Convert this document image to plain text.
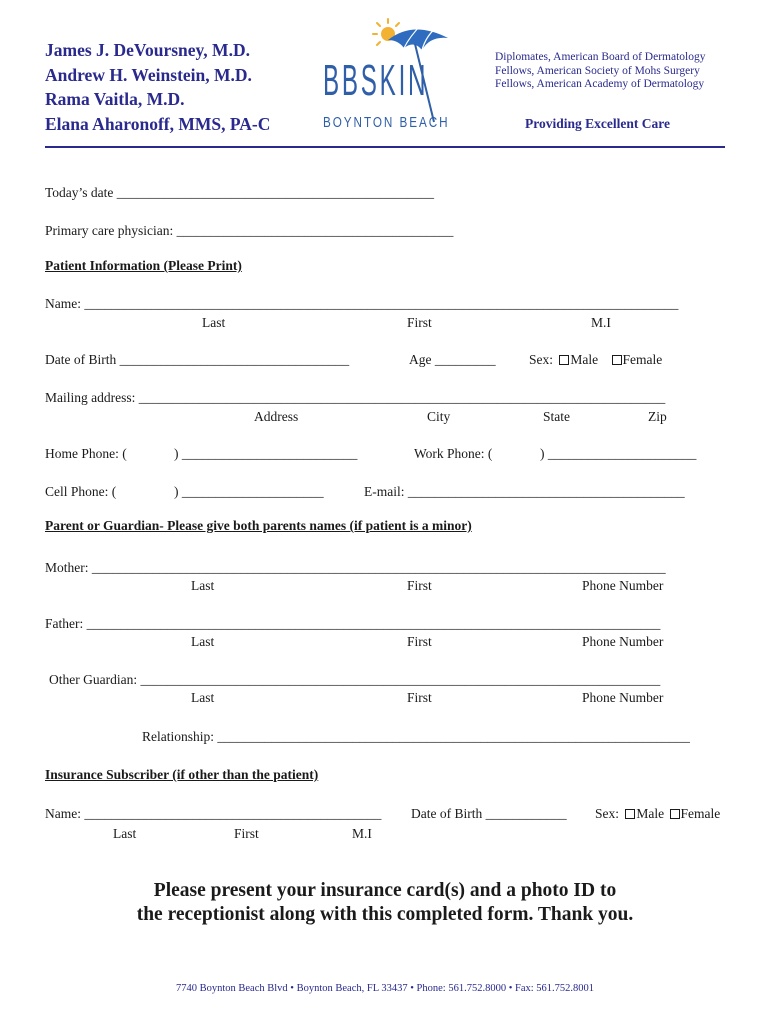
James J. DeVoursney, M.D.
Andrew H. Weinstein, M.D.
Rama Vaitla, M.D.
Elana Aharonoff, MMS, PA-C
BBSKIN
BOYNTON BEACH
Diplomates, American Board of Dermatology
Fellows, American Society of Mohs Surgery
Fellows, American Academy of Dermatology
Providing Excellent Care
Today’s date _______________________________________________
Primary care physician: _________________________________________
Patient Information (Please Print)
Name: ________________________________________________________________________________________
Last	First	M.I
Date of Birth __________________________________	Age _________ Sex: Male Female
Mailing address: ______________________________________________________________________________
Address	City	State	Zip
Home Phone: (	) __________________________	Work Phone: (	) ______________________
Cell Phone: (	) _____________________	E-mail: _________________________________________
Parent or Guardian- Please give both parents names (if patient is a minor)
Mother: _____________________________________________________________________________________
Last	First	Phone Number
Father: _____________________________________________________________________________________
Last	First	Phone Number
Other Guardian: _____________________________________________________________________________
Last	First	Phone Number
Relationship: ______________________________________________________________________
Insurance Subscriber (if other than the patient)
Name: ____________________________________________ Date of Birth ____________ Sex: Male Female
Last	First	M.I
Please present your insurance card(s) and a photo ID to
the receptionist along with this completed form. Thank you.
7740 Boynton Beach Blvd • Boynton Beach, FL 33437 • Phone: 561.752.8000 • Fax: 561.752.8001
